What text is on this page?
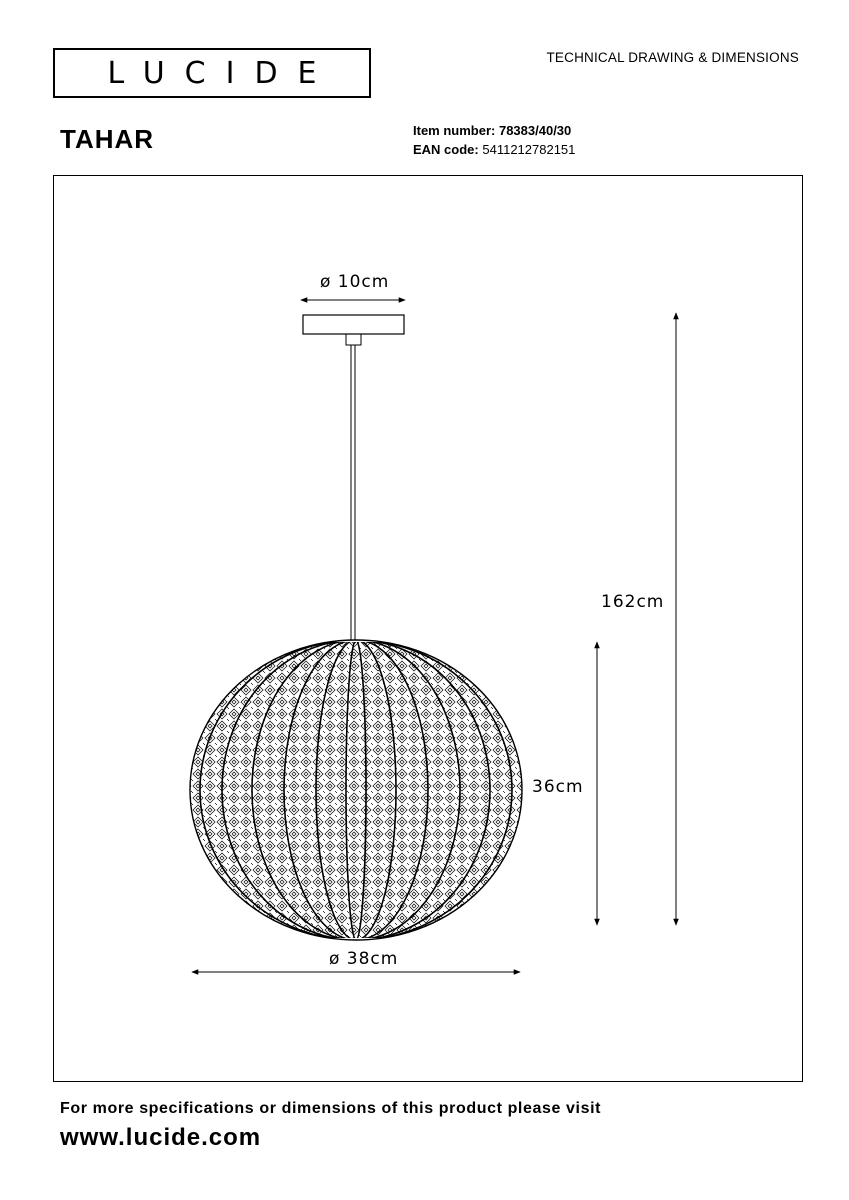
LUCIDE	TECHNICAL DRAWING & DIMENSIONS
TAHAR	Item number: 78383/40/30
EAN code: 5411212782151
ø 10cm
162cm
36cm
ø 38cm
For more specifications or dimensions of this product please visit
www.lucide.com
